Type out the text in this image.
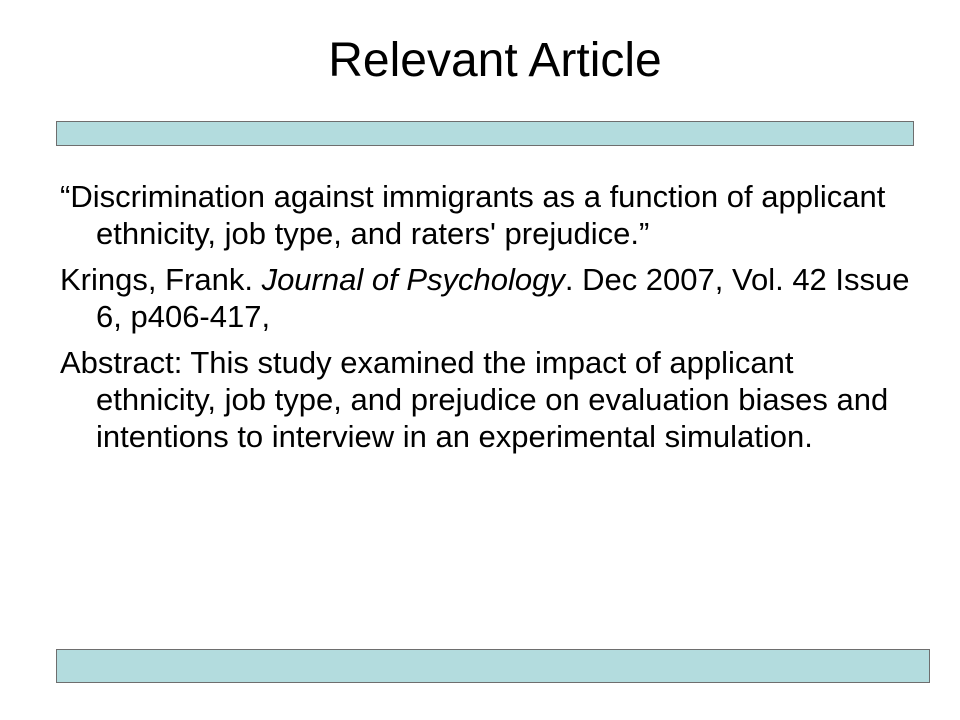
Relevant Article

“Discrimination against immigrants as a function of applicant ethnicity, job type, and raters' prejudice.”

Krings, Frank. Journal of Psychology. Dec 2007, Vol. 42 Issue 6, p406-417,

Abstract: This study examined the impact of applicant ethnicity, job type, and prejudice on evaluation biases and intentions to interview in an experimental simulation.
